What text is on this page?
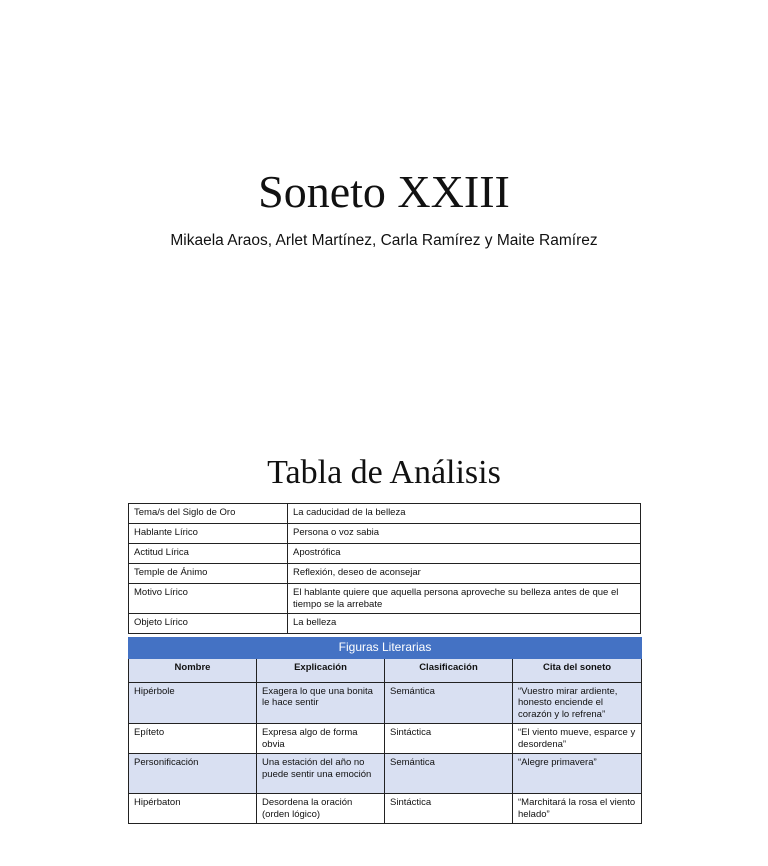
Soneto XXIII

Mikaela Araos, Arlet Martínez, Carla Ramírez y Maite Ramírez

Tabla de Análisis
Tema/s del Siglo de Oro	La caducidad de la belleza
Hablante Lírico	Persona o voz sabia
Actitud Lírica	Apostrófica
Temple de Ánimo	Reflexión, deseo de aconsejar
Motivo Lírico	El hablante quiere que aquella persona aproveche su belleza antes de que el tiempo se la arrebate
Objeto Lírico	La belleza
Figuras Literarias			
Nombre	Explicación	Clasificación	Cita del soneto
Hipérbole	Exagera lo que una bonita le hace sentir	Semántica	“Vuestro mirar ardiente, honesto enciende el corazón y lo refrena”
Epíteto	Expresa algo de forma obvia	Sintáctica	“El viento mueve, esparce y desordena”
Personificación	Una estación del año no puede sentir una emoción	Semántica	“Alegre primavera”
Hipérbaton	Desordena la oración (orden lógico)	Sintáctica	“Marchitará la rosa el viento helado”
